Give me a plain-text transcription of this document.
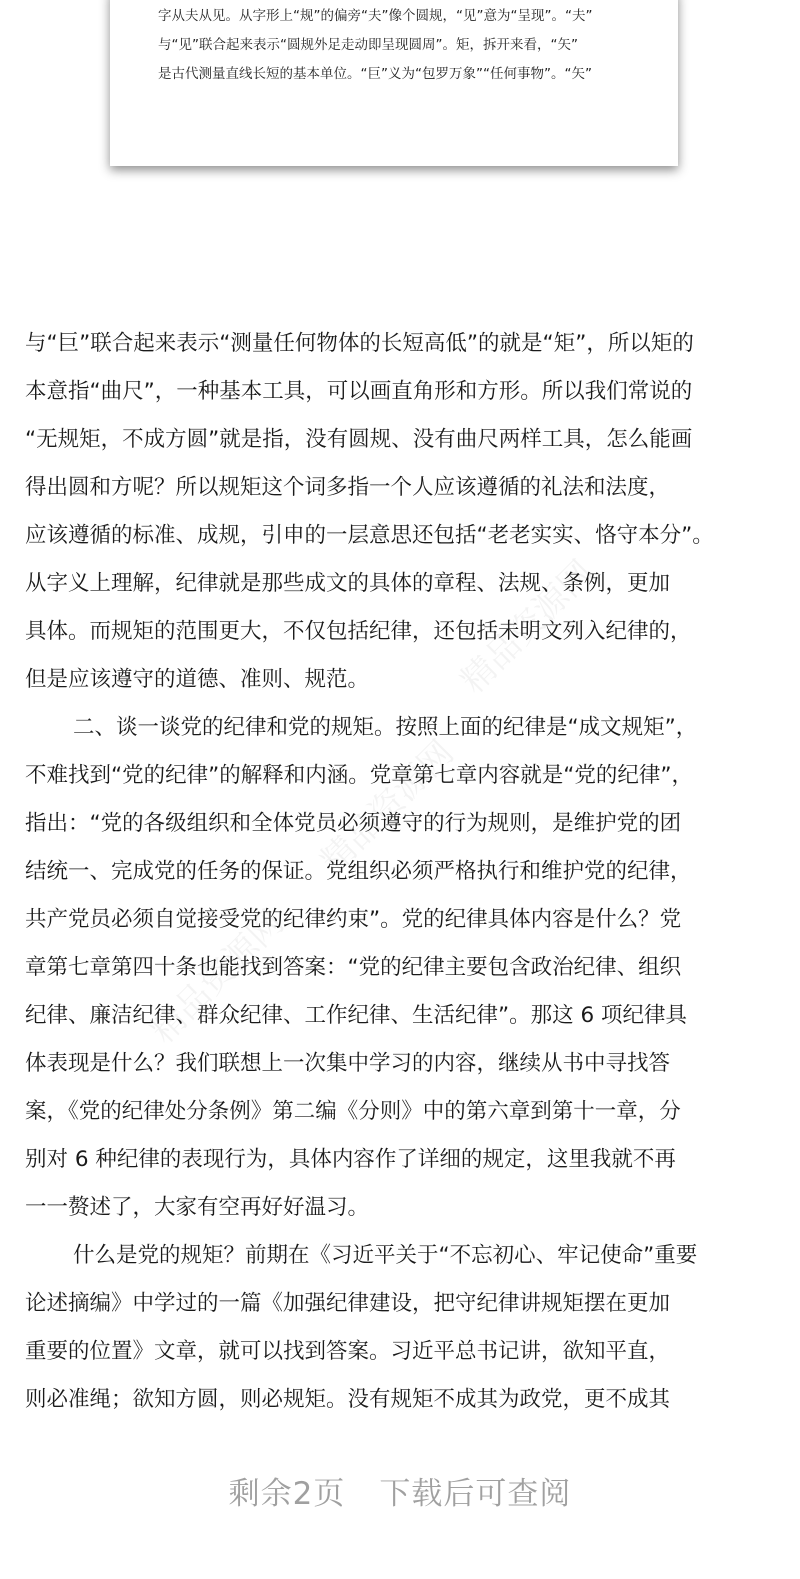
字从夫从见。从字形上“规”的偏旁“夫”像个圆规，“见”意为“呈现”。“夫”
与“见”联合起来表示“圆规外足走动即呈现圆周”。矩，拆开来看，“矢”
是古代测量直线长短的基本单位。“巨”义为“包罗万象”“任何事物”。“矢”
与“巨”联合起来表示“测量任何物体的长短高低”的就是“矩”，所以矩的
本意指“曲尺”，一种基本工具，可以画直角形和方形。所以我们常说的
“无规矩，不成方圆”就是指，没有圆规、没有曲尺两样工具，怎么能画
得出圆和方呢？所以规矩这个词多指一个人应该遵循的礼法和法度，
应该遵循的标准、成规，引申的一层意思还包括“老老实实、恪守本分”。
从字义上理解，纪律就是那些成文的具体的章程、法规、条例，更加
具体。而规矩的范围更大，不仅包括纪律，还包括未明文列入纪律的，
但是应该遵守的道德、准则、规范。
二、谈一谈党的纪律和党的规矩。按照上面的纪律是“成文规矩”，
不难找到“党的纪律”的解释和内涵。党章第七章内容就是“党的纪律”，
指出：“党的各级组织和全体党员必须遵守的行为规则，是维护党的团
结统一、完成党的任务的保证。党组织必须严格执行和维护党的纪律，
共产党员必须自觉接受党的纪律约束”。党的纪律具体内容是什么？党
章第七章第四十条也能找到答案：“党的纪律主要包含政治纪律、组织
纪律、廉洁纪律、群众纪律、工作纪律、生活纪律”。那这 6 项纪律具
体表现是什么？我们联想上一次集中学习的内容，继续从书中寻找答
案，《党的纪律处分条例》第二编《分则》中的第六章到第十一章，分
别对 6 种纪律的表现行为，具体内容作了详细的规定，这里我就不再
一一赘述了，大家有空再好好温习。
什么是党的规矩？前期在《习近平关于“不忘初心、牢记使命”重要
论述摘编》中学过的一篇《加强纪律建设，把守纪律讲规矩摆在更加
重要的位置》文章，就可以找到答案。习近平总书记讲，欲知平直，
则必准绳；欲知方圆，则必规矩。没有规矩不成其为政党，更不成其
剩余2页 下载后可查阅
